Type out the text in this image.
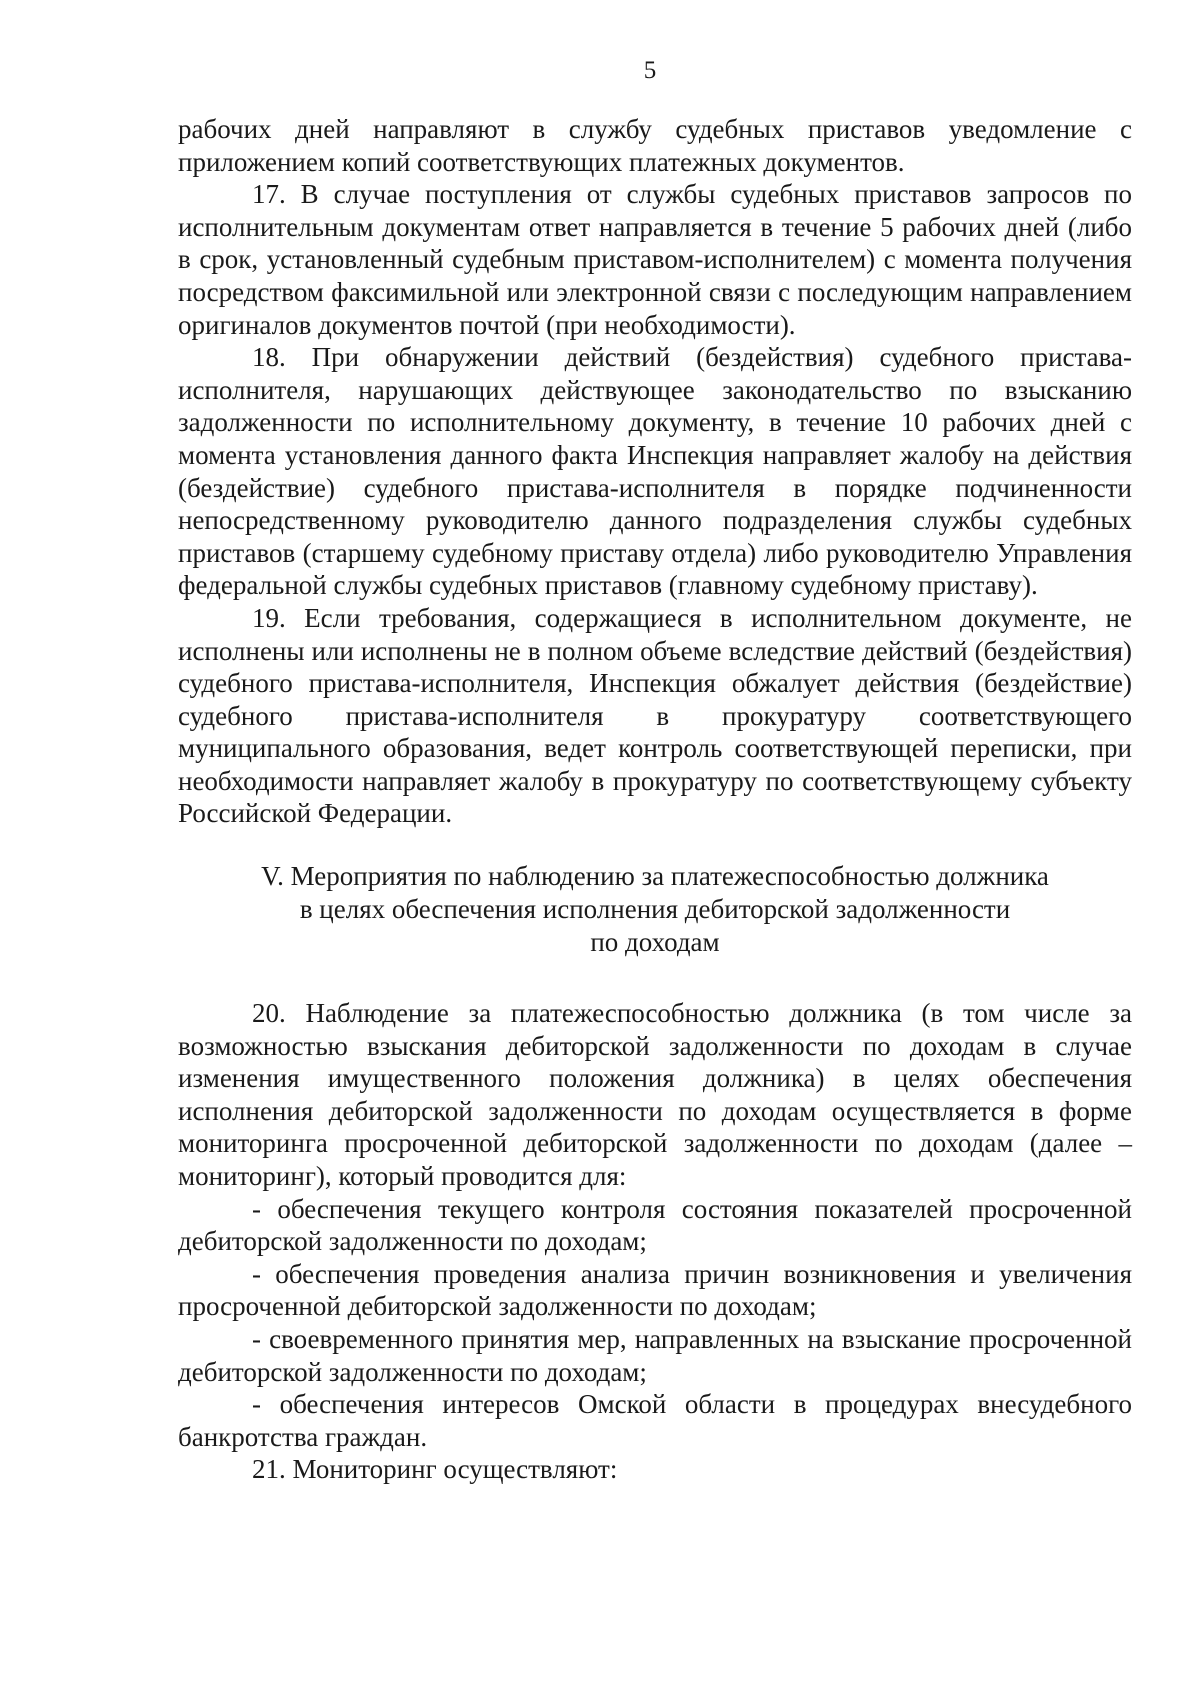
5

рабочих дней направляют в службу судебных приставов уведомление с приложением копий соответствующих платежных документов.

17. В случае поступления от службы судебных приставов запросов по исполнительным документам ответ направляется в течение 5 рабочих дней (либо в срок, установленный судебным приставом-исполнителем) с момента получения посредством факсимильной или электронной связи с последующим направлением оригиналов документов почтой (при необходимости).

18. При обнаружении действий (бездействия) судебного пристава-исполнителя, нарушающих действующее законодательство по взысканию задолженности по исполнительному документу, в течение 10 рабочих дней с момента установления данного факта Инспекция направляет жалобу на действия (бездействие) судебного пристава-исполнителя в порядке подчиненности непосредственному руководителю данного подразделения службы судебных приставов (старшему судебному приставу отдела) либо руководителю Управления федеральной службы судебных приставов (главному судебному приставу).

19. Если требования, содержащиеся в исполнительном документе, не исполнены или исполнены не в полном объеме вследствие действий (бездействия) судебного пристава-исполнителя, Инспекция обжалует действия (бездействие) судебного пристава-исполнителя в прокуратуру соответствующего муниципального образования, ведет контроль соответствующей переписки, при необходимости направляет жалобу в прокуратуру по соответствующему субъекту Российской Федерации.

V. Мероприятия по наблюдению за платежеспособностью должника
в целях обеспечения исполнения дебиторской задолженности
по доходам

20. Наблюдение за платежеспособностью должника (в том числе за возможностью взыскания дебиторской задолженности по доходам в случае изменения имущественного положения должника) в целях обеспечения исполнения дебиторской задолженности по доходам осуществляется в форме мониторинга просроченной дебиторской задолженности по доходам (далее – мониторинг), который проводится для:

- обеспечения текущего контроля состояния показателей просроченной дебиторской задолженности по доходам;

- обеспечения проведения анализа причин возникновения и увеличения просроченной дебиторской задолженности по доходам;

- своевременного принятия мер, направленных на взыскание просроченной дебиторской задолженности по доходам;

- обеспечения интересов Омской области в процедурах внесудебного банкротства граждан.

21. Мониторинг осуществляют:
